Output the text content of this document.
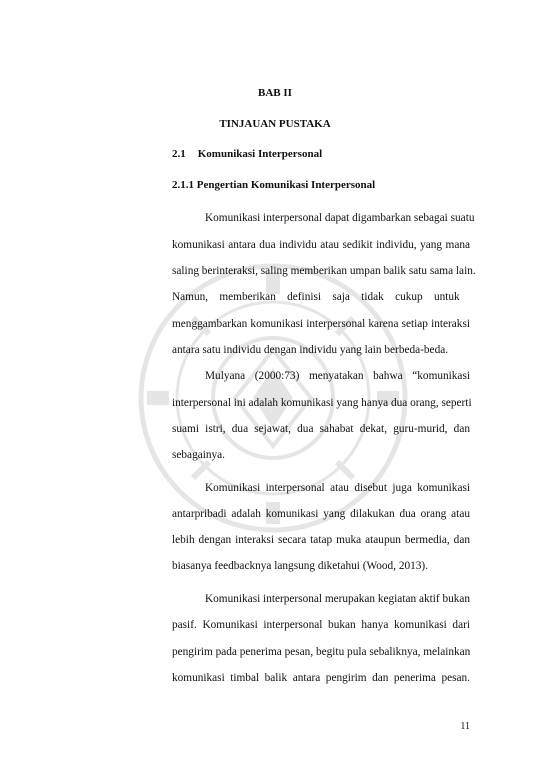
BAB II
TINJAUAN PUSTAKA
2.1 Komunikasi Interpersonal
2.1.1 Pengertian Komunikasi Interpersonal
Komunikasi interpersonal dapat digambarkan sebagai suatu
komunikasi antara dua individu atau sedikit individu, yang mana
saling berinteraksi, saling memberikan umpan balik satu sama lain.
Namun, memberikan definisi saja tidak cukup untuk
menggambarkan komunikasi interpersonal karena setiap interaksi
antara satu individu dengan individu yang lain berbeda-beda.
Mulyana (2000:73) menyatakan bahwa “komunikasi
interpersonal ini adalah komunikasi yang hanya dua orang, seperti
suami istri, dua sejawat, dua sahabat dekat, guru-murid, dan
sebagainya.
Komunikasi interpersonal atau disebut juga komunikasi
antarpribadi adalah komunikasi yang dilakukan dua orang atau
lebih dengan interaksi secara tatap muka ataupun bermedia, dan
biasanya feedbacknya langsung diketahui (Wood, 2013).
Komunikasi interpersonal merupakan kegiatan aktif bukan
pasif. Komunikasi interpersonal bukan hanya komunikasi dari
pengirim pada penerima pesan, begitu pula sebaliknya, melainkan
komunikasi timbal balik antara pengirim dan penerima pesan.
11
